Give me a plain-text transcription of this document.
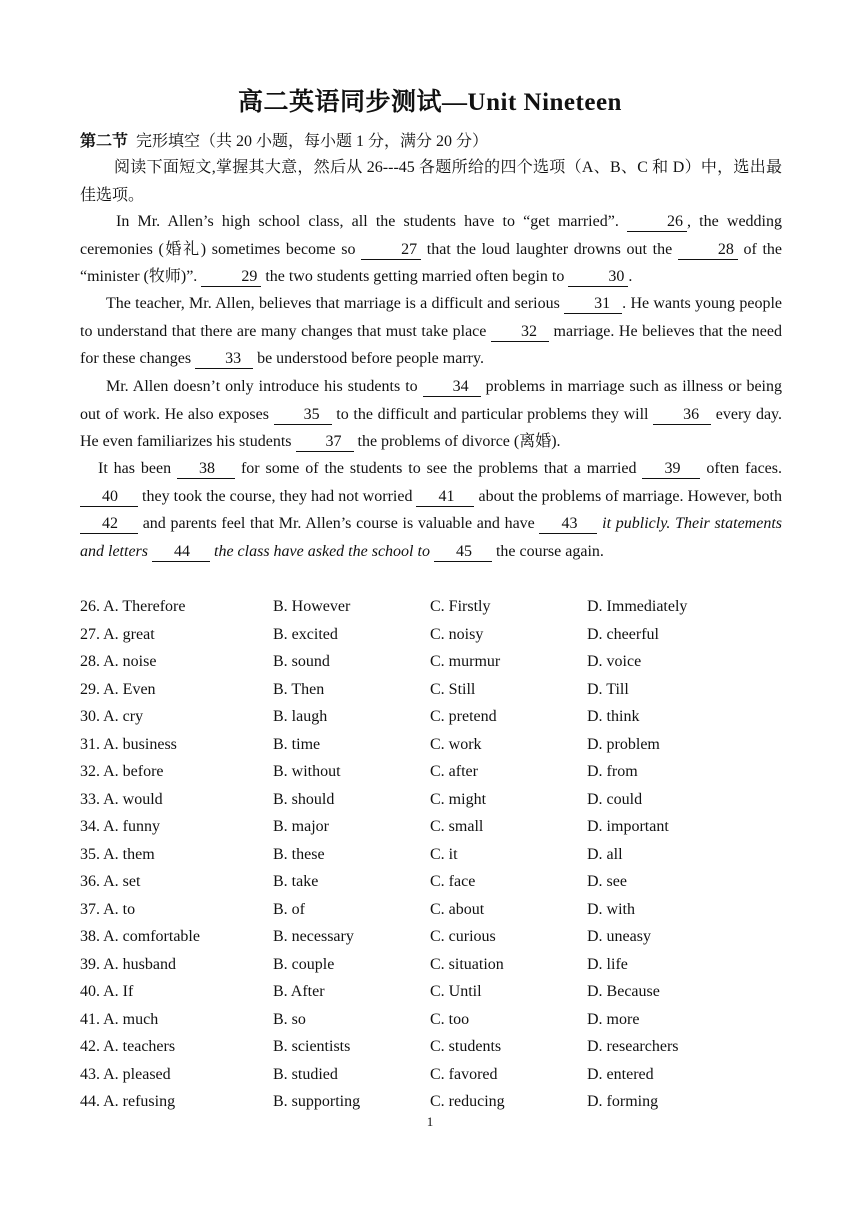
高二英语同步测试—Unit Nineteen
第二节 完形填空（共 20 小题，每小题 1 分，满分 20 分）
阅读下面短文,掌握其大意，然后从 26---45 各题所给的四个选项（A、B、C 和 D）中，选出最佳选项。
In Mr. Allen’s high school class, all the students have to “get married”.	26 , the wedding ceremonies (婚礼) sometimes become so	27 that the loud laughter drowns out the	28 of the “minister (牧师)”.	29 the two students getting married often begin to	30 .
The teacher, Mr. Allen, believes that marriage is a difficult and serious 31 . He wants young people to understand that there are many changes that must take place 32 marriage. He believes that the need for these changes 33 be understood before people marry.
Mr. Allen doesn’t only introduce his students to 34 problems in marriage such as illness or being out of work. He also exposes 35 to the difficult and particular problems they will 36 every day. He even familiarizes his students 37 the problems of divorce (离婚).
It has been 38 for some of the students to see the problems that a married 39 often faces. 40 they took the course, they had not worried 41 about the problems of marriage. However, both 42 and parents feel that Mr. Allen’s course is valuable and have 43 it publicly. Their statements and letters 44 the class have asked the school to 45 the course again.
26. A. Therefore	B. However	C. Firstly	D. Immediately
27. A. great	B. excited	C. noisy	D. cheerful
28. A. noise	B. sound	C. murmur	D. voice
29. A. Even	B. Then	C. Still	D. Till
30. A. cry	B. laugh	C. pretend	D. think
31. A. business	B. time	C. work	D. problem
32. A. before	B. without	C. after	D. from
33. A. would	B. should	C. might	D. could
34. A. funny	B. major	C. small	D. important
35. A. them	B. these	C. it	D. all
36. A. set	B. take	C. face	D. see
37. A. to	B. of	C. about	D. with
38. A. comfortable	B. necessary	C. curious	D. uneasy
39. A. husband	B. couple	C. situation	D. life
40. A. If	B. After	C. Until	D. Because
41. A. much	B. so	C. too	D. more
42. A. teachers	B. scientists	C. students	D. researchers
43. A. pleased	B. studied	C. favored	D. entered
44. A. refusing	B. supporting	C. reducing	D. forming
1
